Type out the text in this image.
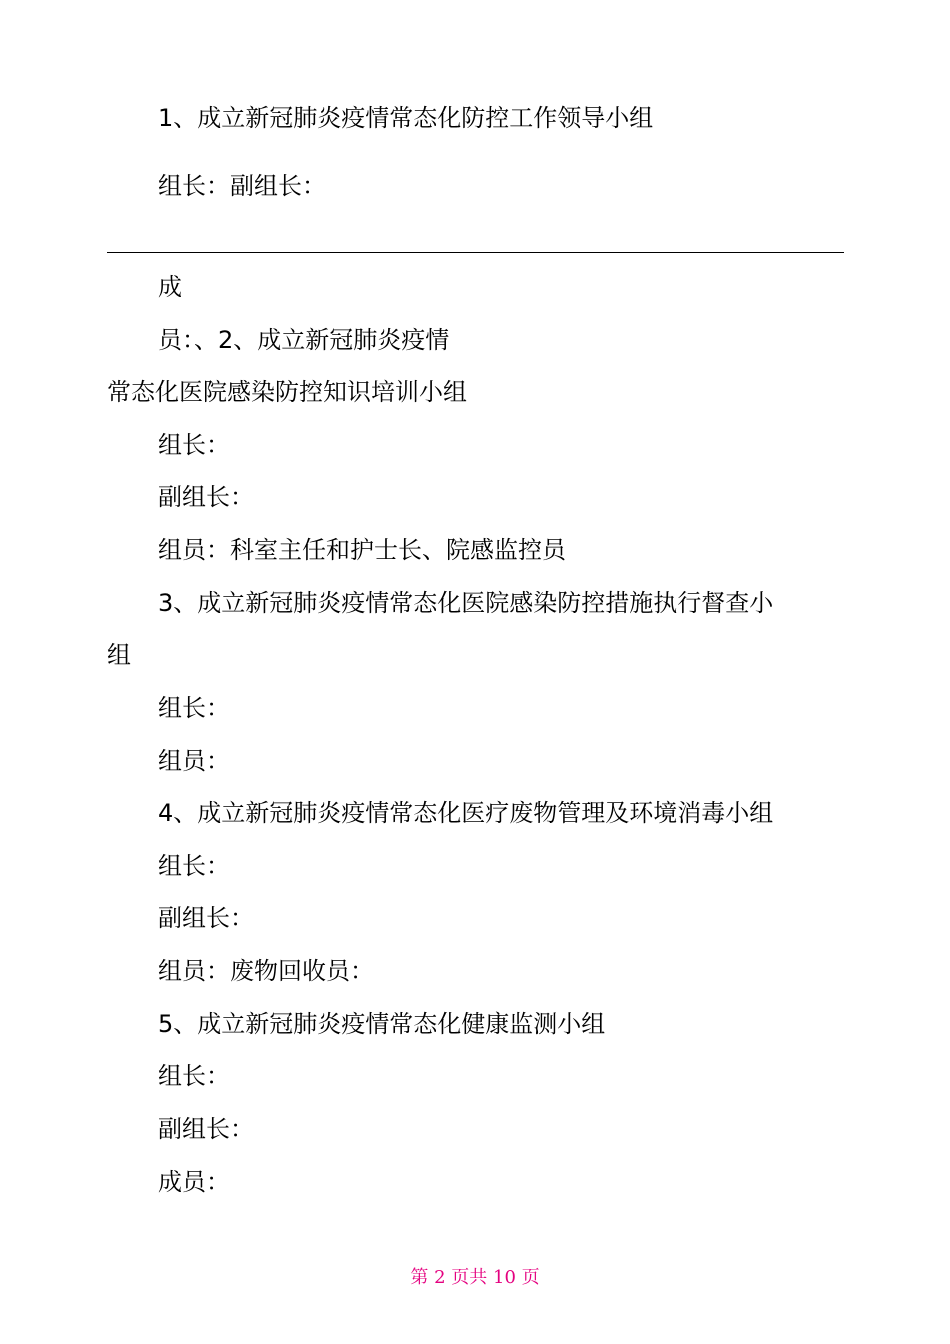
1、成立新冠肺炎疫情常态化防控工作领导小组

组长：副组长：

成

员：、2、成立新冠肺炎疫情

常态化医院感染防控知识培训小组

组长：

副组长：

组员：科室主任和护士长、院感监控员

3、成立新冠肺炎疫情常态化医院感染防控措施执行督查小

组

组长：

组员：

4、成立新冠肺炎疫情常态化医疗废物管理及环境消毒小组

组长：

副组长：

组员：废物回收员：

5、成立新冠肺炎疫情常态化健康监测小组

组长：

副组长：

成员：

第 2 页共 10 页
